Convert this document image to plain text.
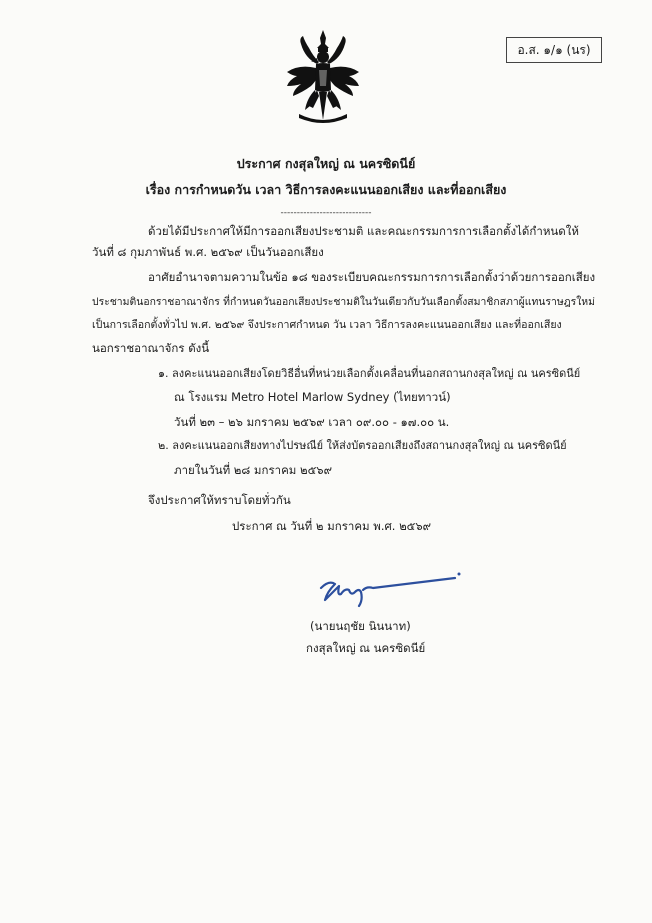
อ.ส. ๑/๑ (นร)
ประกาศ กงสุลใหญ่ ณ นครซิดนีย์
เรื่อง การกำหนดวัน เวลา วิธีการลงคะแนนออกเสียง และที่ออกเสียง
----------------------------
ด้วยได้มีประกาศให้มีการออกเสียงประชามติ และคณะกรรมการการเลือกตั้งได้กำหนดให้
วันที่ ๘ กุมภาพันธ์ พ.ศ. ๒๕๖๙ เป็นวันออกเสียง
อาศัยอำนาจตามความในข้อ ๑๘ ของระเบียบคณะกรรมการการเลือกตั้งว่าด้วยการออกเสียง
ประชามตินอกราชอาณาจักร ที่กำหนดวันออกเสียงประชามติในวันเดียวกับวันเลือกตั้งสมาชิกสภาผู้แทนราษฎรใหม่
เป็นการเลือกตั้งทั่วไป พ.ศ. ๒๕๖๙ จึงประกาศกำหนด วัน เวลา วิธีการลงคะแนนออกเสียง และที่ออกเสียง
นอกราชอาณาจักร ดังนี้
๑. ลงคะแนนออกเสียงโดยวิธีอื่นที่หน่วยเลือกตั้งเคลื่อนที่นอกสถานกงสุลใหญ่ ณ นครซิดนีย์
ณ โรงแรม Metro Hotel Marlow Sydney (ไทยทาวน์)
วันที่ ๒๓ – ๒๖ มกราคม ๒๕๖๙ เวลา ๐๙.๐๐ - ๑๗.๐๐ น.
๒. ลงคะแนนออกเสียงทางไปรษณีย์ ให้ส่งบัตรออกเสียงถึงสถานกงสุลใหญ่ ณ นครซิดนีย์
ภายในวันที่ ๒๘ มกราคม ๒๕๖๙
จึงประกาศให้ทราบโดยทั่วกัน
ประกาศ ณ วันที่ ๒ มกราคม พ.ศ. ๒๕๖๙
(นายนฤชัย นินนาท)
กงสุลใหญ่ ณ นครซิดนีย์
